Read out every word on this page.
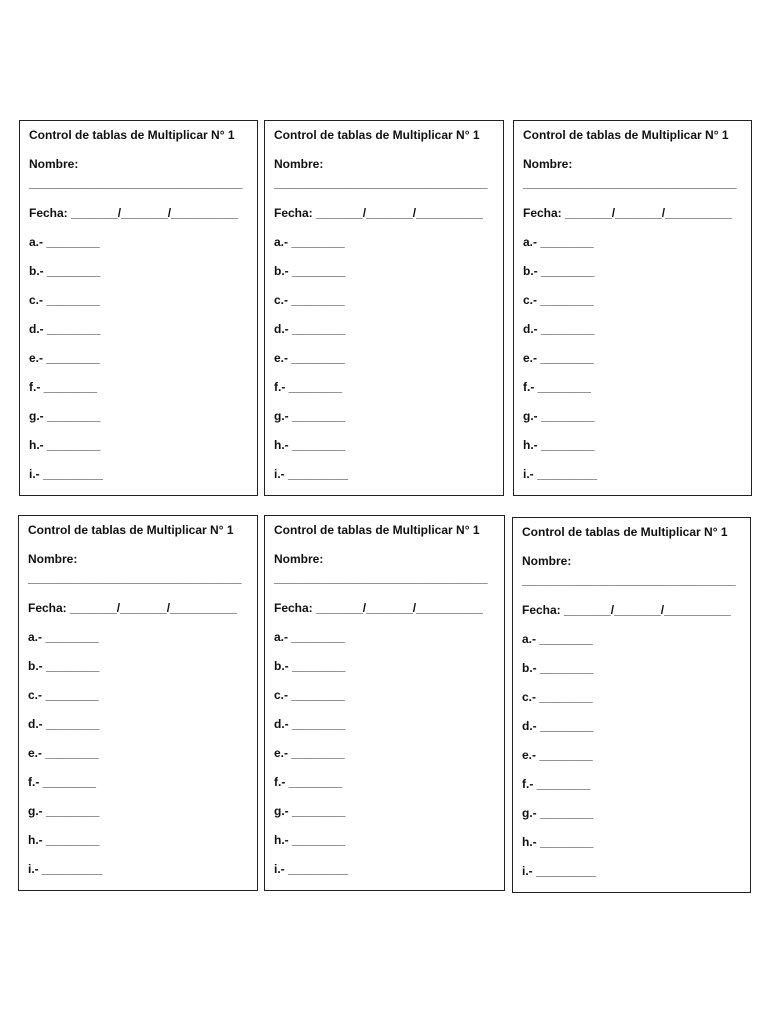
Control de tablas de Multiplicar N° 1
Nombre:
________________________________
Fecha: _______/_______/__________
a.- ________
b.- ________
c.- ________
d.- ________
e.- ________
f.- ________
g.- ________
h.- ________
i.- _________
Control de tablas de Multiplicar N° 1
Nombre:
________________________________
Fecha: _______/_______/__________
a.- ________
b.- ________
c.- ________
d.- ________
e.- ________
f.- ________
g.- ________
h.- ________
i.- _________
Control de tablas de Multiplicar N° 1
Nombre:
________________________________
Fecha: _______/_______/__________
a.- ________
b.- ________
c.- ________
d.- ________
e.- ________
f.- ________
g.- ________
h.- ________
i.- _________
Control de tablas de Multiplicar N° 1
Nombre:
________________________________
Fecha: _______/_______/__________
a.- ________
b.- ________
c.- ________
d.- ________
e.- ________
f.- ________
g.- ________
h.- ________
i.- _________
Control de tablas de Multiplicar N° 1
Nombre:
________________________________
Fecha: _______/_______/__________
a.- ________
b.- ________
c.- ________
d.- ________
e.- ________
f.- ________
g.- ________
h.- ________
i.- _________
Control de tablas de Multiplicar N° 1
Nombre:
________________________________
Fecha: _______/_______/__________
a.- ________
b.- ________
c.- ________
d.- ________
e.- ________
f.- ________
g.- ________
h.- ________
i.- _________
